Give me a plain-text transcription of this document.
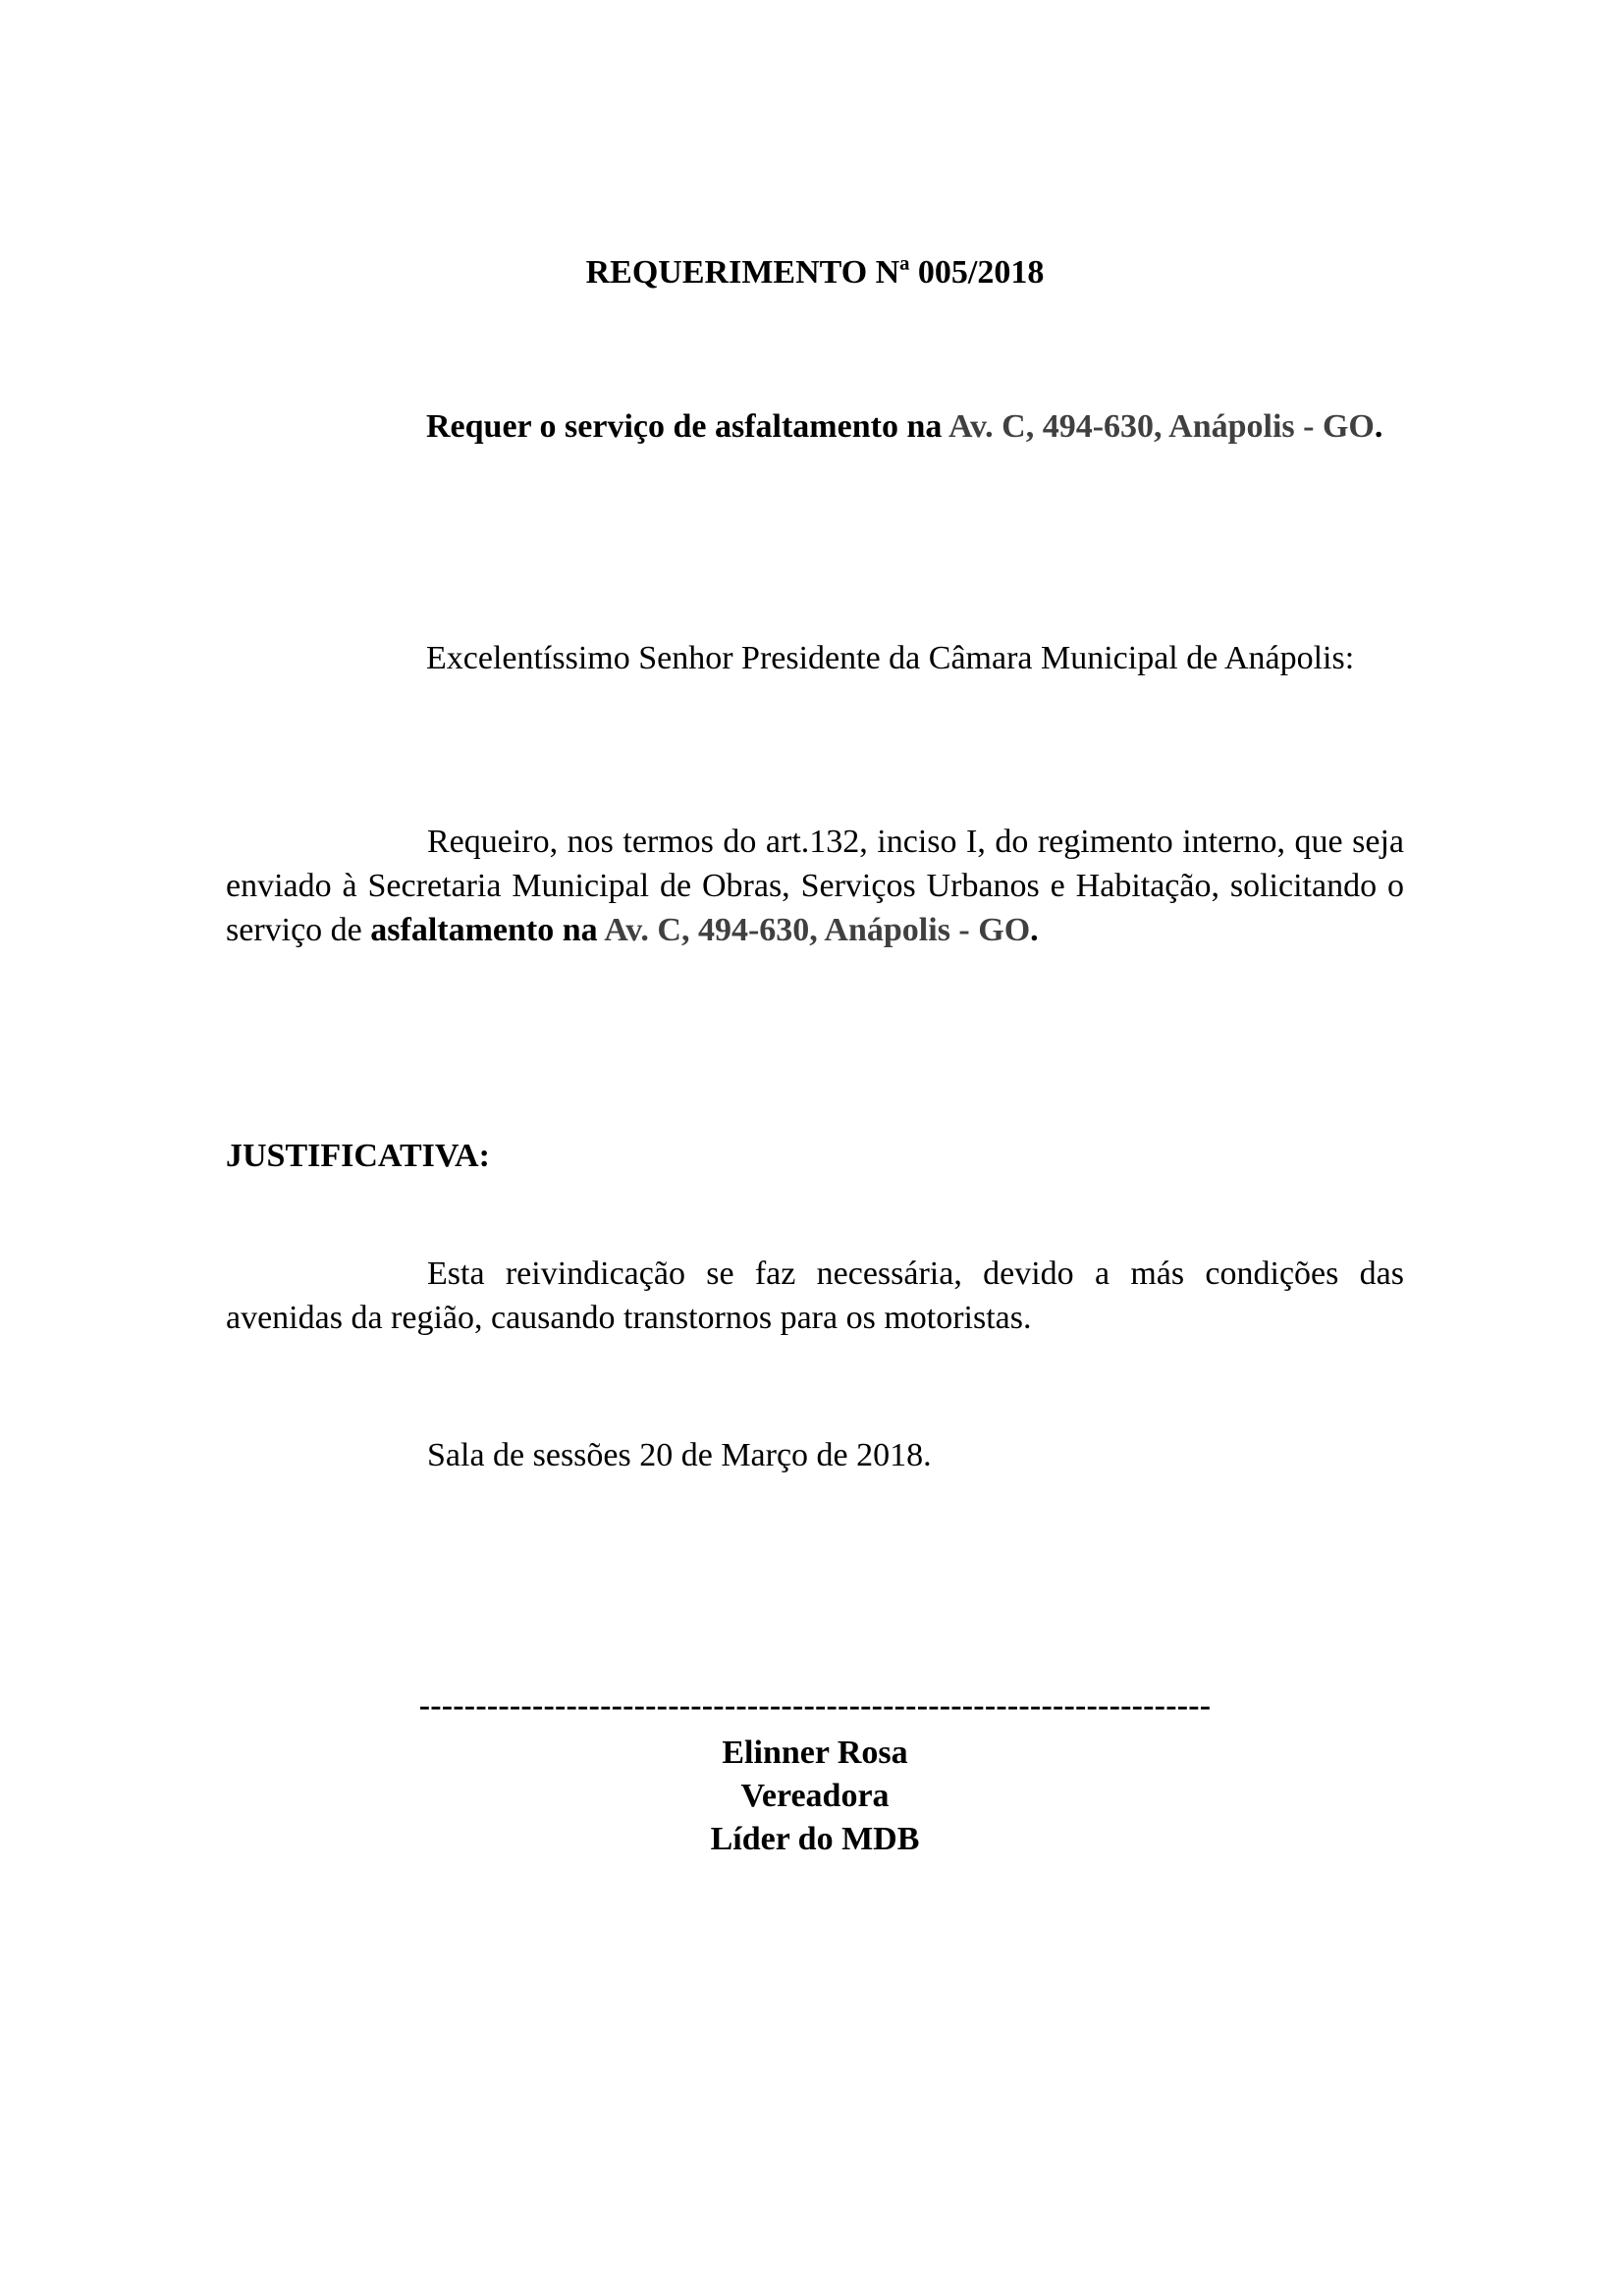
REQUERIMENTO Nª 005/2018
Requer o serviço de asfaltamento na Av. C, 494-630, Anápolis - GO.
Excelentíssimo Senhor Presidente da Câmara Municipal de Anápolis:
Requeiro, nos termos do art.132, inciso I, do regimento interno, que seja enviado à Secretaria Municipal de Obras, Serviços Urbanos e Habitação, solicitando o serviço de asfaltamento na Av. C, 494-630, Anápolis - GO.
JUSTIFICATIVA:
Esta reivindicação se faz necessária, devido a más condições das avenidas da região, causando transtornos para os motoristas.
Sala de sessões 20 de Março de 2018.
----------------------------------------------------------------------
Elinner Rosa
Vereadora
Líder do MDB
